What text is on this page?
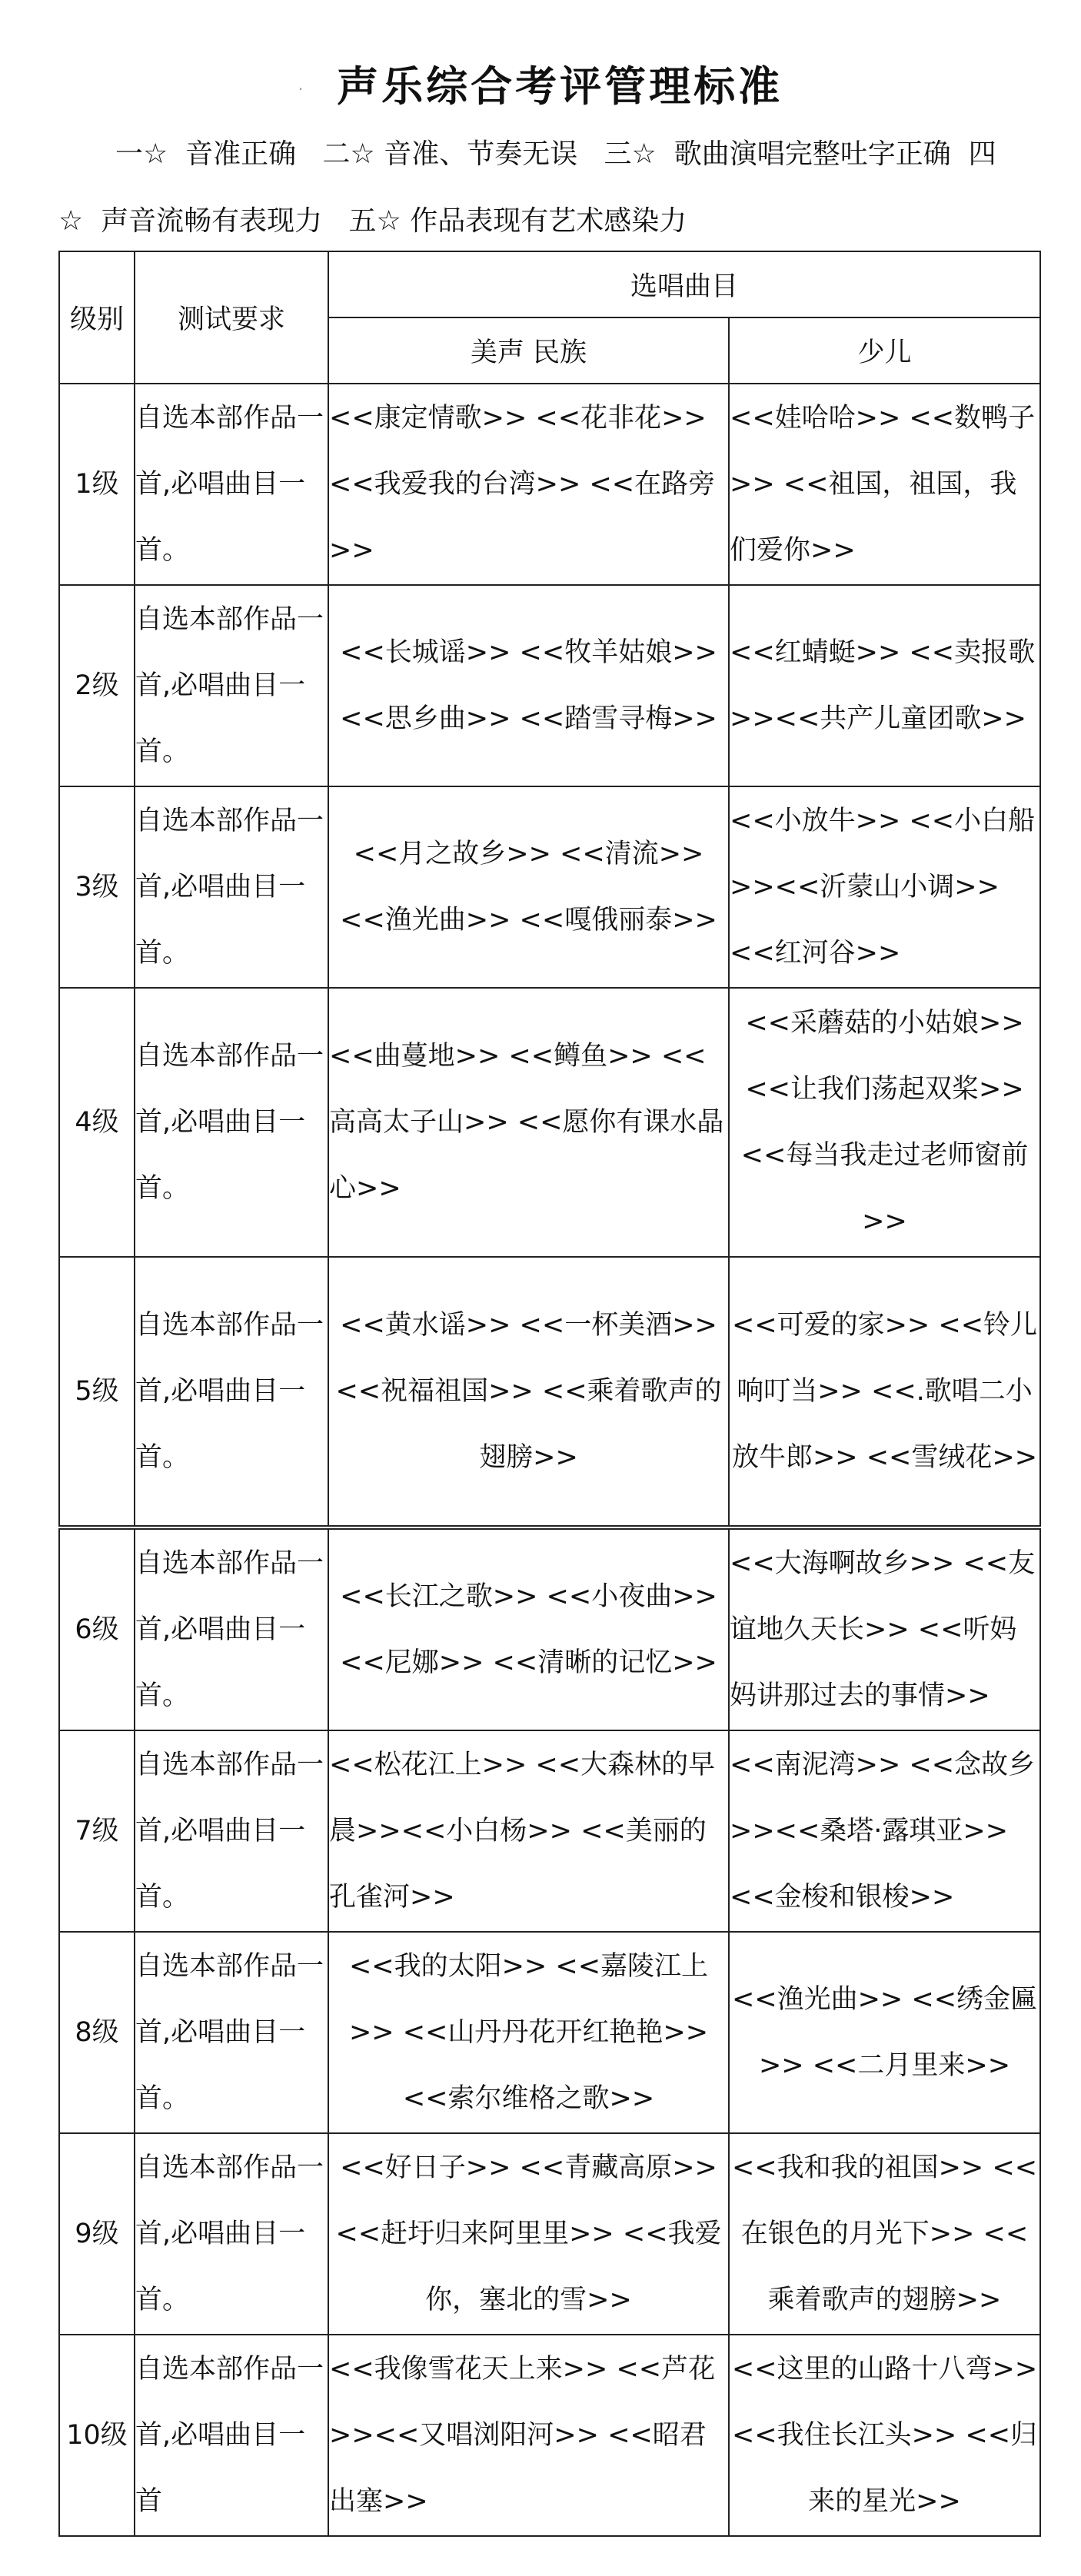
· 声乐综合考评管理标准
一☆  音准正确   二☆ 音准、节奏无误   三☆  歌曲演唱完整吐字正确  四
☆  声音流畅有表现力   五☆ 作品表现有艺术感染力
级别	测试要求	选唱曲目	
		美声 民族	少儿
1级	自选本部作品一首,必唱曲目一首。	<<康定情歌>> <<花非花>> <<我爱我的台湾>> <<在路旁>>	<<娃哈哈>> <<数鸭子>> <<祖国，祖国，我们爱你>>
2级	自选本部作品一首,必唱曲目一首。	<<长城谣>> <<牧羊姑娘>> <<思乡曲>> <<踏雪寻梅>>	<<红蜻蜓>> <<卖报歌>><<共产儿童团歌>>
3级	自选本部作品一首,必唱曲目一首。	<<月之故乡>> <<清流>> <<渔光曲>> <<嘎俄丽泰>>	<<小放牛>> <<小白船>><<沂蒙山小调>><<红河谷>>
4级	自选本部作品一首,必唱曲目一首。	<<曲蔓地>> <<鳟鱼>> <<高高太子山>> <<愿你有课水晶心>>	<<采蘑菇的小姑娘>> <<让我们荡起双桨>> <<每当我走过老师窗前>>
5级	自选本部作品一首,必唱曲目一首。	<<黄水谣>> <<一杯美酒>> <<祝福祖国>> <<乘着歌声的翅膀>>	<<可爱的家>> <<铃儿响叮当>> <<.歌唱二小放牛郎>> <<雪绒花>>
6级	自选本部作品一首,必唱曲目一首。	<<长江之歌>> <<小夜曲>> <<尼娜>> <<清晰的记忆>>	<<大海啊故乡>> <<友谊地久天长>> <<听妈妈讲那过去的事情>>
7级	自选本部作品一首,必唱曲目一首。	<<松花江上>> <<大森林的早晨>><<小白杨>> <<美丽的孔雀河>>	<<南泥湾>> <<念故乡>><<桑塔·露琪亚>><<金梭和银梭>>
8级	自选本部作品一首,必唱曲目一首。	<<我的太阳>> <<嘉陵江上>> <<山丹丹花开红艳艳>> <<索尔维格之歌>>	<<渔光曲>> <<绣金匾>> <<二月里来>>
9级	自选本部作品一首,必唱曲目一首。	<<好日子>> <<青藏高原>> <<赶圩归来阿里里>> <<我爱你，塞北的雪>>	<<我和我的祖国>> <<在银色的月光下>> <<乘着歌声的翅膀>>
10级	自选本部作品一首,必唱曲目一首	<<我像雪花天上来>> <<芦花>><<又唱浏阳河>> <<昭君出塞>>	<<这里的山路十八弯>> <<我住长江头>> <<归来的星光>>
